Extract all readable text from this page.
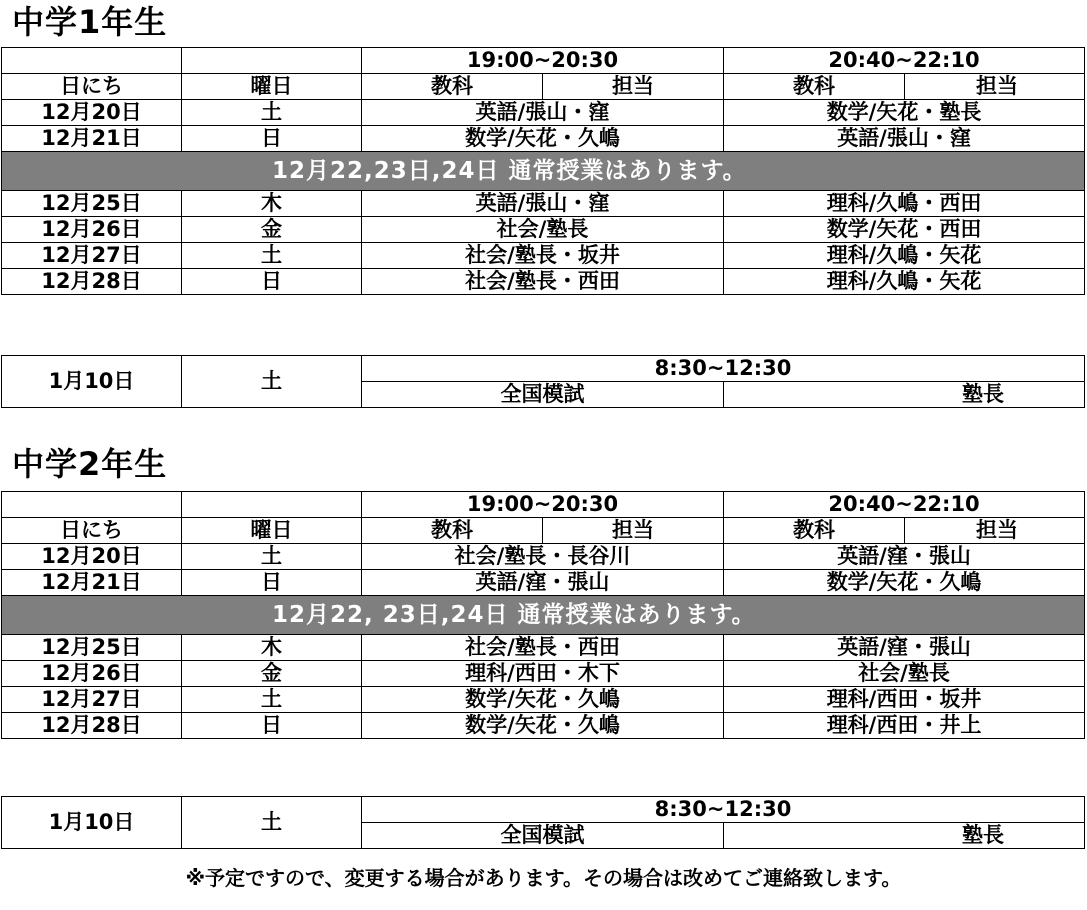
中学1年生
		19:00~20:30		20:40~22:10	
日にち	曜日	教科	担当	教科	担当
12月20日	土	英語/張山・窪		数学/矢花・塾長	
12月21日	日	数学/矢花・久嶋		英語/張山・窪	
12月22,23日,24日 通常授業はあります。					
12月25日	木	英語/張山・窪		理科/久嶋・西田	
12月26日	金	社会/塾長		数学/矢花・西田	
12月27日	土	社会/塾長・坂井		理科/久嶋・矢花	
12月28日	日	社会/塾長・西田		理科/久嶋・矢花	
1月10日	土	8:30~12:30	
		全国模試	塾長
中学2年生
		19:00~20:30		20:40~22:10	
日にち	曜日	教科	担当	教科	担当
12月20日	土	社会/塾長・長谷川		英語/窪・張山	
12月21日	日	英語/窪・張山		数学/矢花・久嶋	
12月22, 23日,24日 通常授業はあります。					
12月25日	木	社会/塾長・西田		英語/窪・張山	
12月26日	金	理科/西田・木下		社会/塾長	
12月27日	土	数学/矢花・久嶋		理科/西田・坂井	
12月28日	日	数学/矢花・久嶋		理科/西田・井上	
1月10日	土	8:30~12:30	
		全国模試	塾長

※予定ですので、変更する場合があります。その場合は改めてご連絡致します。
